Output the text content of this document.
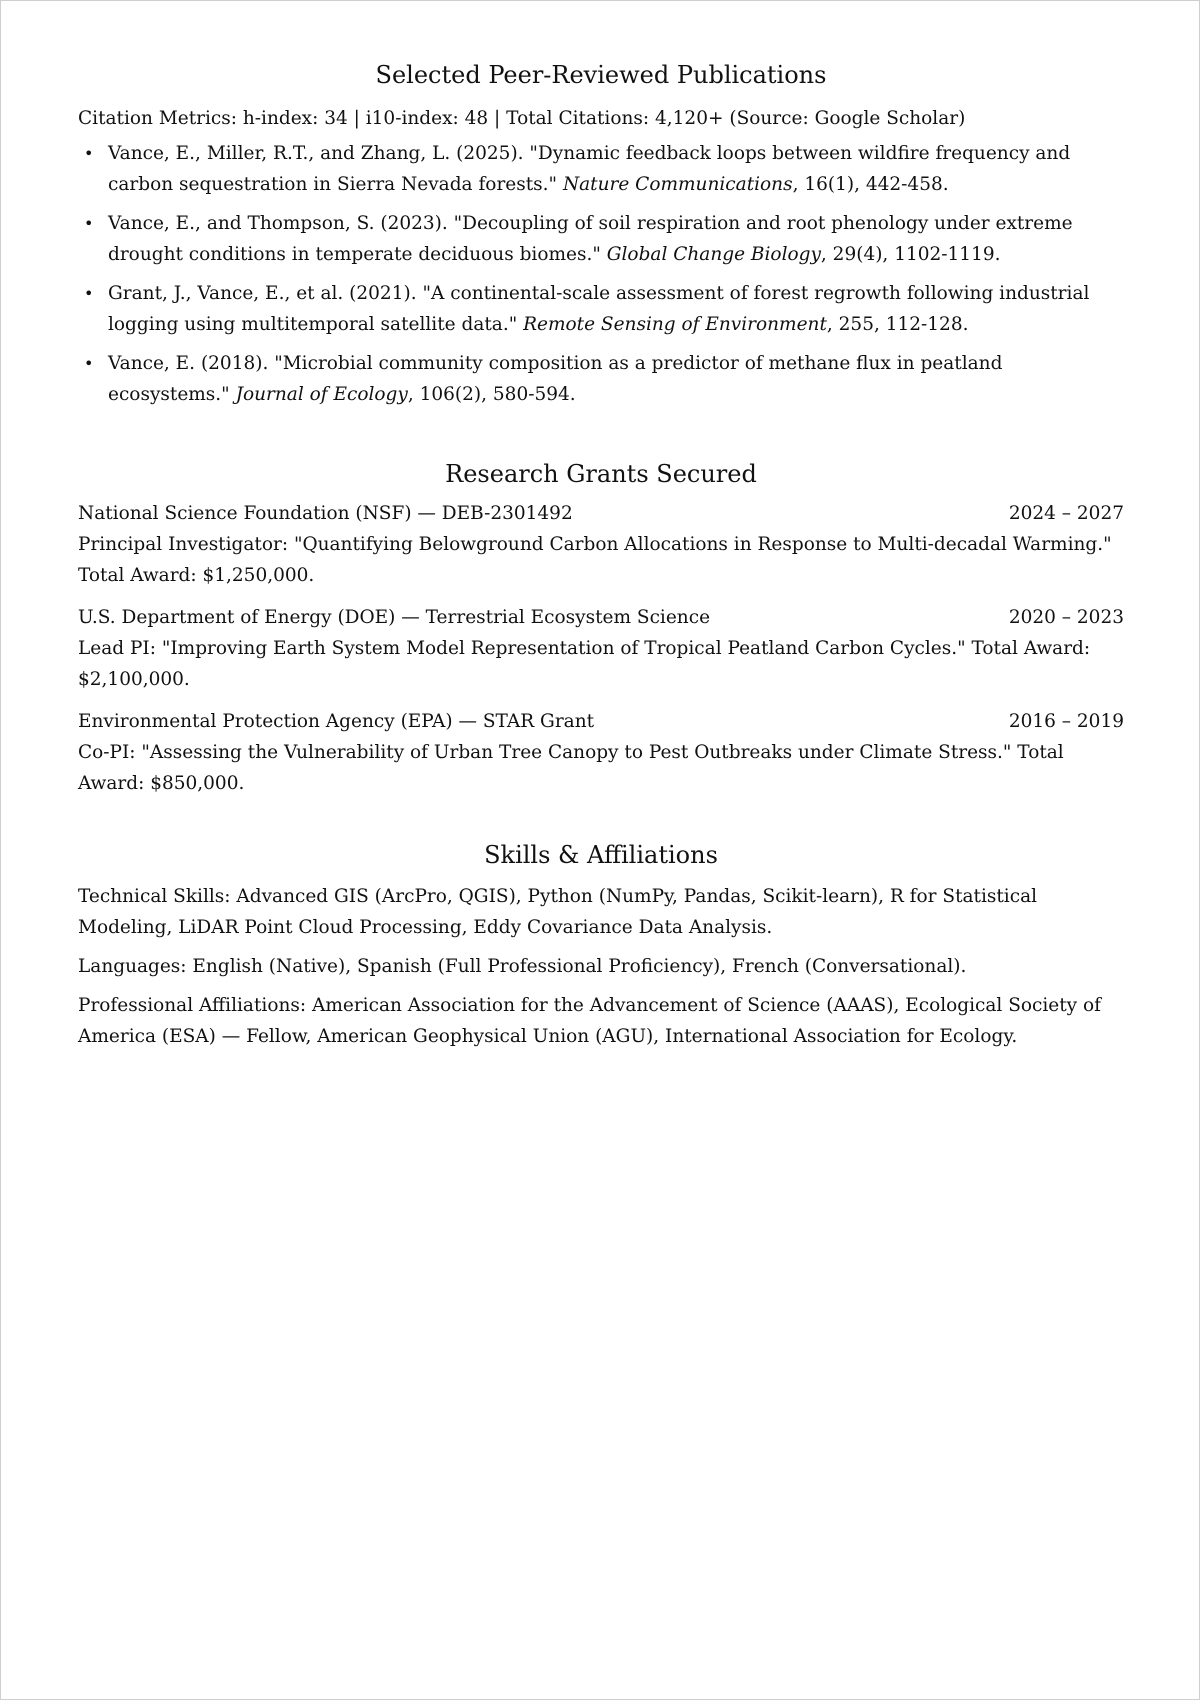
Selected Peer-Reviewed Publications
Citation Metrics: h-index: 34 | i10-index: 48 | Total Citations: 4,120+ (Source: Google Scholar)
• Vance, E., Miller, R.T., and Zhang, L. (2025). "Dynamic feedback loops between wildfire frequency and carbon sequestration in Sierra Nevada forests." Nature Communications, 16(1), 442-458.
• Vance, E., and Thompson, S. (2023). "Decoupling of soil respiration and root phenology under extreme drought conditions in temperate deciduous biomes." Global Change Biology, 29(4), 1102-1119.
• Grant, J., Vance, E., et al. (2021). "A continental-scale assessment of forest regrowth following industrial logging using multitemporal satellite data." Remote Sensing of Environment, 255, 112-128.
• Vance, E. (2018). "Microbial community composition as a predictor of methane flux in peatland ecosystems." Journal of Ecology, 106(2), 580-594.
Research Grants Secured
National Science Foundation (NSF) — DEB-2301492	2024 – 2027
Principal Investigator: "Quantifying Belowground Carbon Allocations in Response to Multi-decadal Warming." Total Award: $1,250,000.
U.S. Department of Energy (DOE) — Terrestrial Ecosystem Science	2020 – 2023
Lead PI: "Improving Earth System Model Representation of Tropical Peatland Carbon Cycles." Total Award: $2,100,000.
Environmental Protection Agency (EPA) — STAR Grant	2016 – 2019
Co-PI: "Assessing the Vulnerability of Urban Tree Canopy to Pest Outbreaks under Climate Stress." Total Award: $850,000.
Skills & Affiliations
Technical Skills: Advanced GIS (ArcPro, QGIS), Python (NumPy, Pandas, Scikit-learn), R for Statistical Modeling, LiDAR Point Cloud Processing, Eddy Covariance Data Analysis.
Languages: English (Native), Spanish (Full Professional Proficiency), French (Conversational).
Professional Affiliations: American Association for the Advancement of Science (AAAS), Ecological Society of America (ESA) — Fellow, American Geophysical Union (AGU), International Association for Ecology.
